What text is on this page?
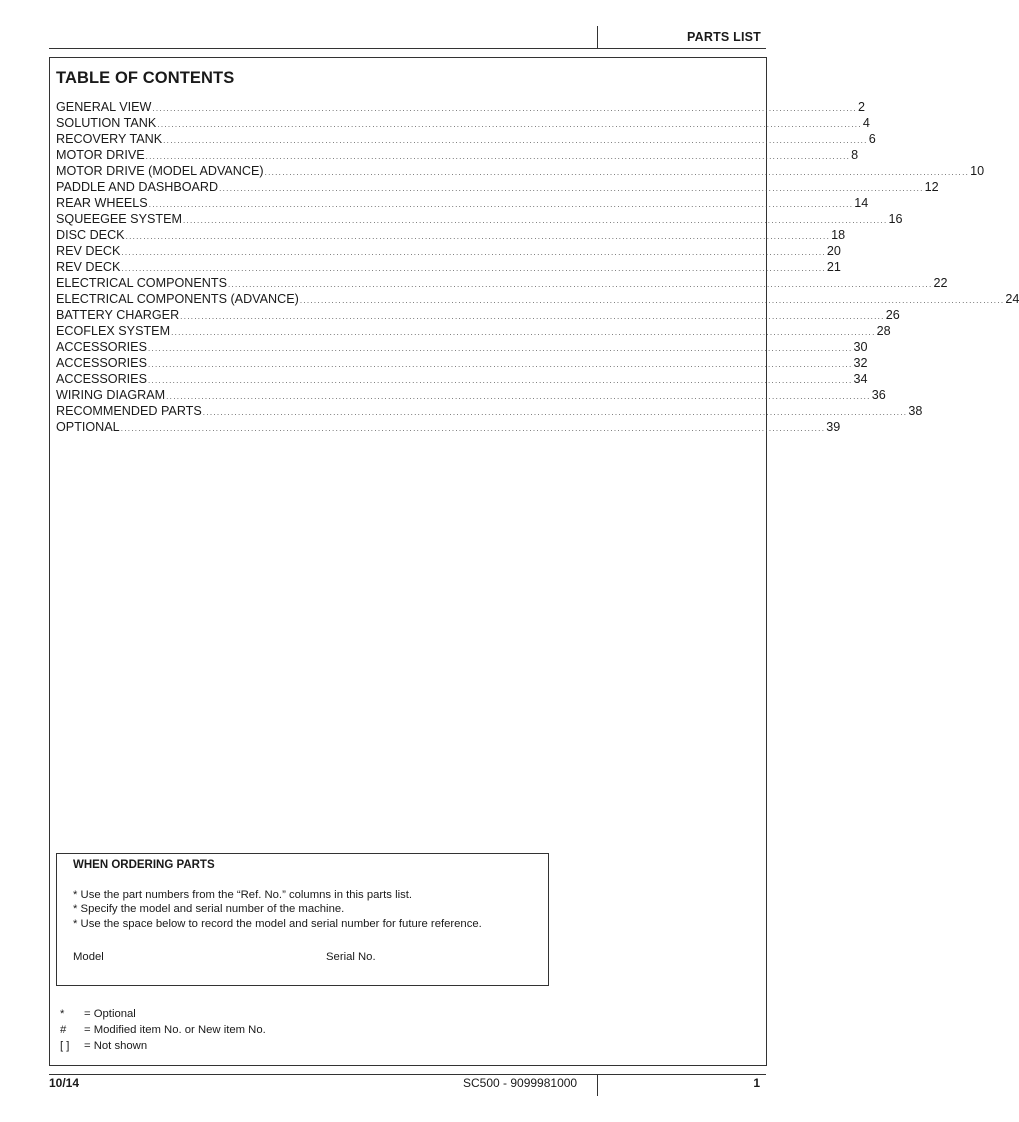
PARTS LIST
TABLE OF CONTENTS
GENERAL VIEW ........................................................................................................................................................................................................ 2
SOLUTION TANK ........................................................................................................................................................................................................ 4
RECOVERY TANK ........................................................................................................................................................................................................ 6
MOTOR DRIVE ........................................................................................................................................................................................................ 8
MOTOR DRIVE (MODEL ADVANCE) ........................................................................................................................................................................................................ 10
PADDLE AND DASHBOARD ........................................................................................................................................................................................................ 12
REAR WHEELS ........................................................................................................................................................................................................ 14
SQUEEGEE SYSTEM ........................................................................................................................................................................................................ 16
DISC DECK ........................................................................................................................................................................................................ 18
REV DECK ........................................................................................................................................................................................................ 20
REV DECK ........................................................................................................................................................................................................ 21
ELECTRICAL COMPONENTS ........................................................................................................................................................................................................ 22
ELECTRICAL COMPONENTS (ADVANCE) ........................................................................................................................................................................................................ 24
BATTERY CHARGER ........................................................................................................................................................................................................ 26
ECOFLEX SYSTEM ........................................................................................................................................................................................................ 28
ACCESSORIES ........................................................................................................................................................................................................ 30
ACCESSORIES ........................................................................................................................................................................................................ 32
ACCESSORIES ........................................................................................................................................................................................................ 34
WIRING DIAGRAM ........................................................................................................................................................................................................ 36
RECOMMENDED PARTS ........................................................................................................................................................................................................ 38
OPTIONAL ........................................................................................................................................................................................................ 39
WHEN ORDERING PARTS
* Use the part numbers from the “Ref. No.” columns in this parts list.
* Specify the model and serial number of the machine.
* Use the space below to record the model and serial number for future reference.
Model	Serial No.
*	= Optional
#	= Modified item No. or New item No.
[ ]	= Not shown
10/14	SC500 - 9099981000	1
